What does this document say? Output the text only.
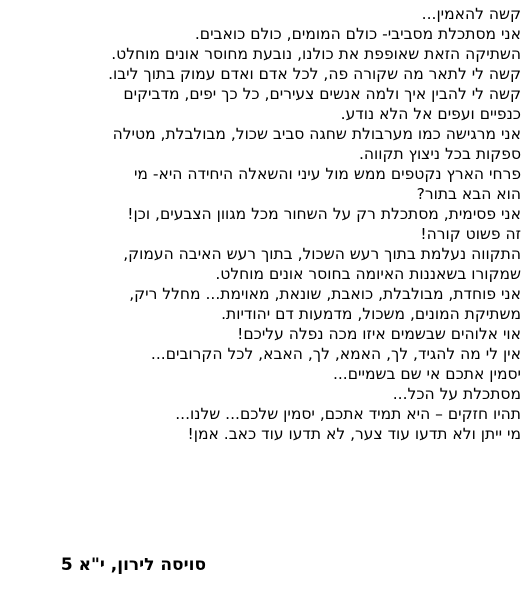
קשה להאמין...
אני מסתכלת מסביבי- כולם המומים, כולם כואבים.
השתיקה הזאת שאופפת את כולנו, נובעת מחוסר אונים מוחלט.
קשה לי לתאר מה שקורה פה, לכל אדם ואדם עמוק בתוך ליבו.
קשה לי להבין איך ולמה אנשים צעירים, כל כך יפים, מדביקים
כנפיים ועפים אל הלא נודע.
אני מרגישה כמו מערבולת שחגה סביב שכול, מבולבלת, מטילה
ספקות בכל ניצוץ תקווה.
פרחי הארץ נקטפים ממש מול עיני והשאלה היחידה היא- מי
הוא הבא בתור?
אני פסימית, מסתכלת רק על השחור מכל מגוון הצבעים, וכן!
זה פשוט קורה!
התקווה נעלמת בתוך רעש השכול, בתוך רעש האיבה העמוק,
שמקורו בשאננות האיומה בחוסר אונים מוחלט.
אני פוחדת, מבולבלת, כואבת, שונאת, מאוימת... מחלל ריק,
משתיקת המונים, משכול, מדמעות דם יהודיות.
אוי אלוהים שבשמים איזו מכה נפלה עליכם!
אין לי מה להגיד, לך, האמא, לך, האבא, לכל הקרובים...
יסמין אתכם אי שם בשמיים...
מסתכלת על הכל...
תהיו חזקים – היא תמיד אתכם, יסמין שלכם... שלנו...
מי ייתן ולא תדעו עוד צער, לא תדעו עוד כאב. אמן!
סויסה לירון, י"א 5
